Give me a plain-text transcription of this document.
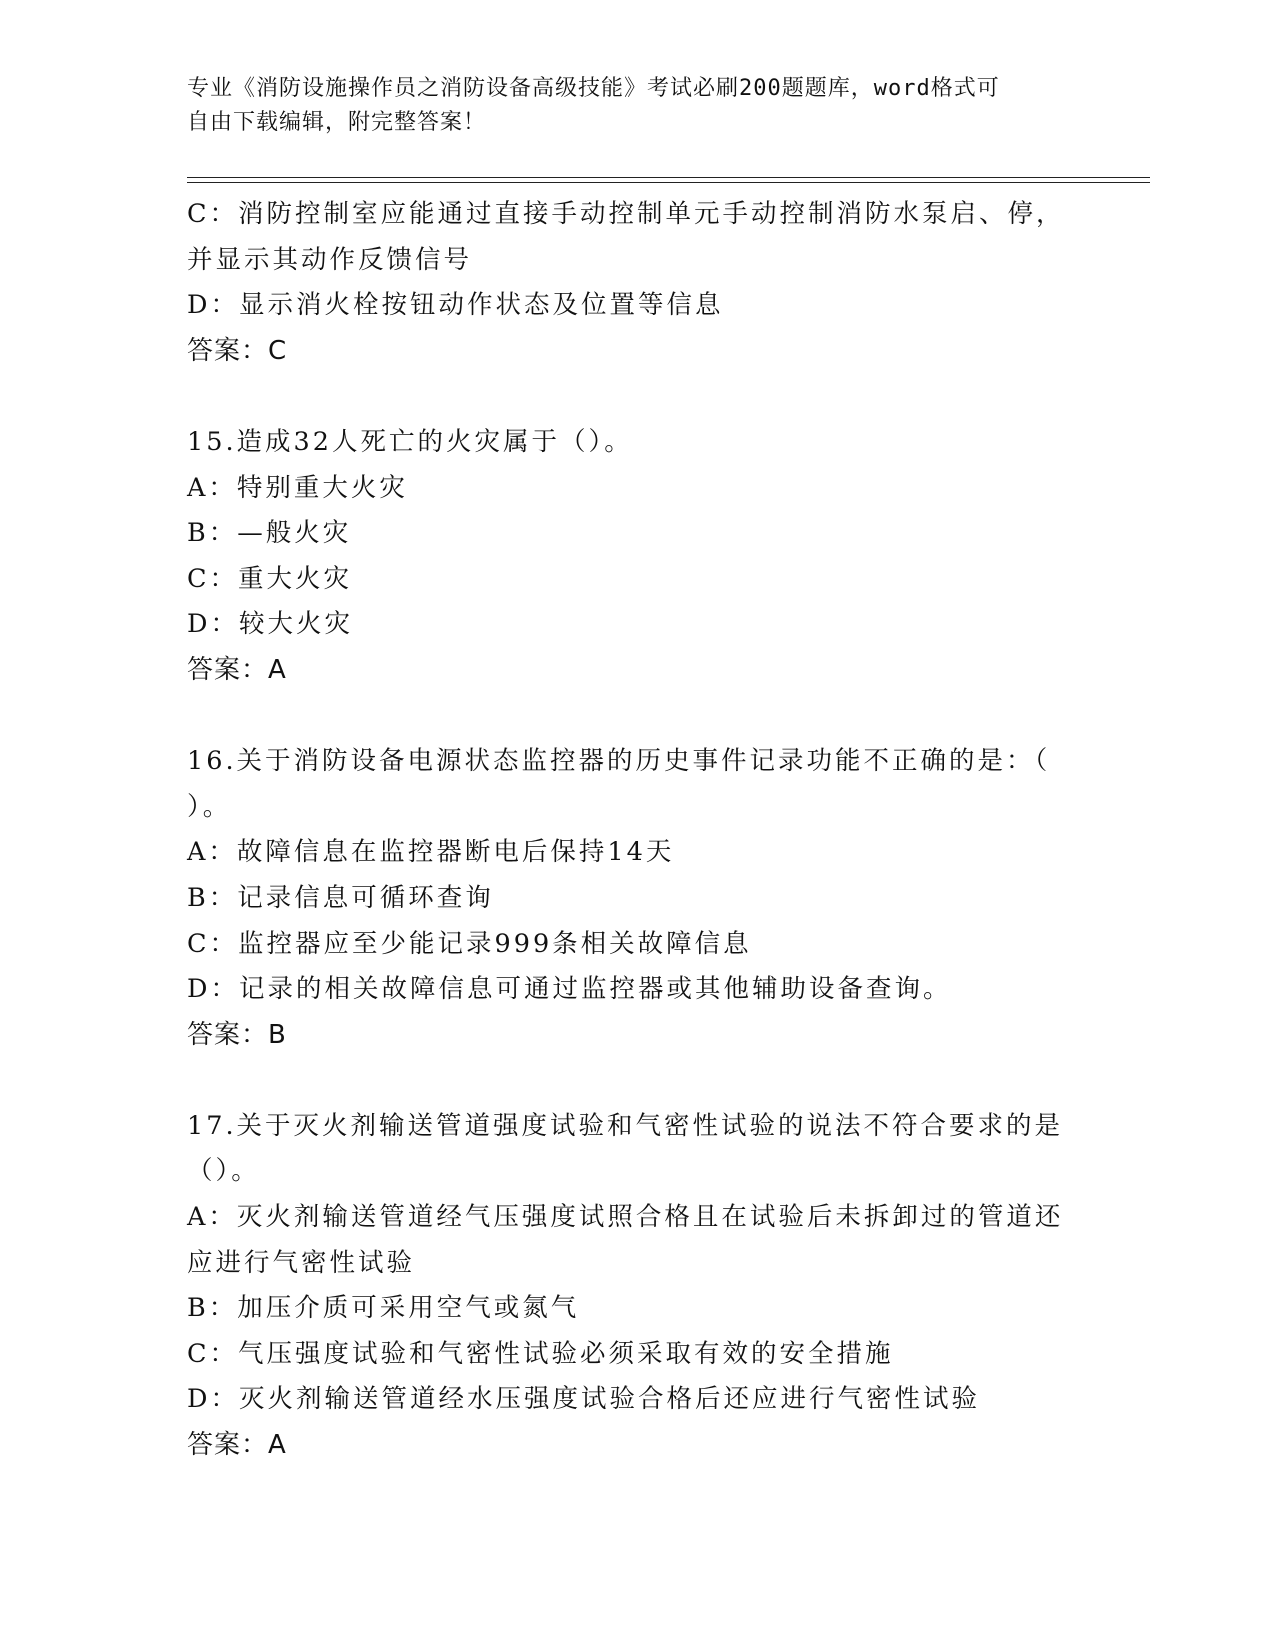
专业《消防设施操作员之消防设备高级技能》考试必刷200题题库，word格式可
自由下载编辑，附完整答案！
C：消防控制室应能通过直接手动控制单元手动控制消防水泵启、停，
并显示其动作反馈信号
D：显示消火栓按钮动作状态及位置等信息
答案：C
15.造成32人死亡的火灾属于（）。
A：特别重大火灾
B：—般火灾
C：重大火灾
D：较大火灾
答案：A
16.关于消防设备电源状态监控器的历史事件记录功能不正确的是：（
）。
A：故障信息在监控器断电后保持14天
B：记录信息可循环查询
C：监控器应至少能记录999条相关故障信息
D：记录的相关故障信息可通过监控器或其他辅助设备查询。
答案：B
17.关于灭火剂输送管道强度试验和气密性试验的说法不符合要求的是
（）。
A：灭火剂输送管道经气压强度试照合格且在试验后未拆卸过的管道还
应进行气密性试验
B：加压介质可采用空气或氮气
C：气压强度试验和气密性试验必须采取有效的安全措施
D：灭火剂输送管道经水压强度试验合格后还应进行气密性试验
答案：A
